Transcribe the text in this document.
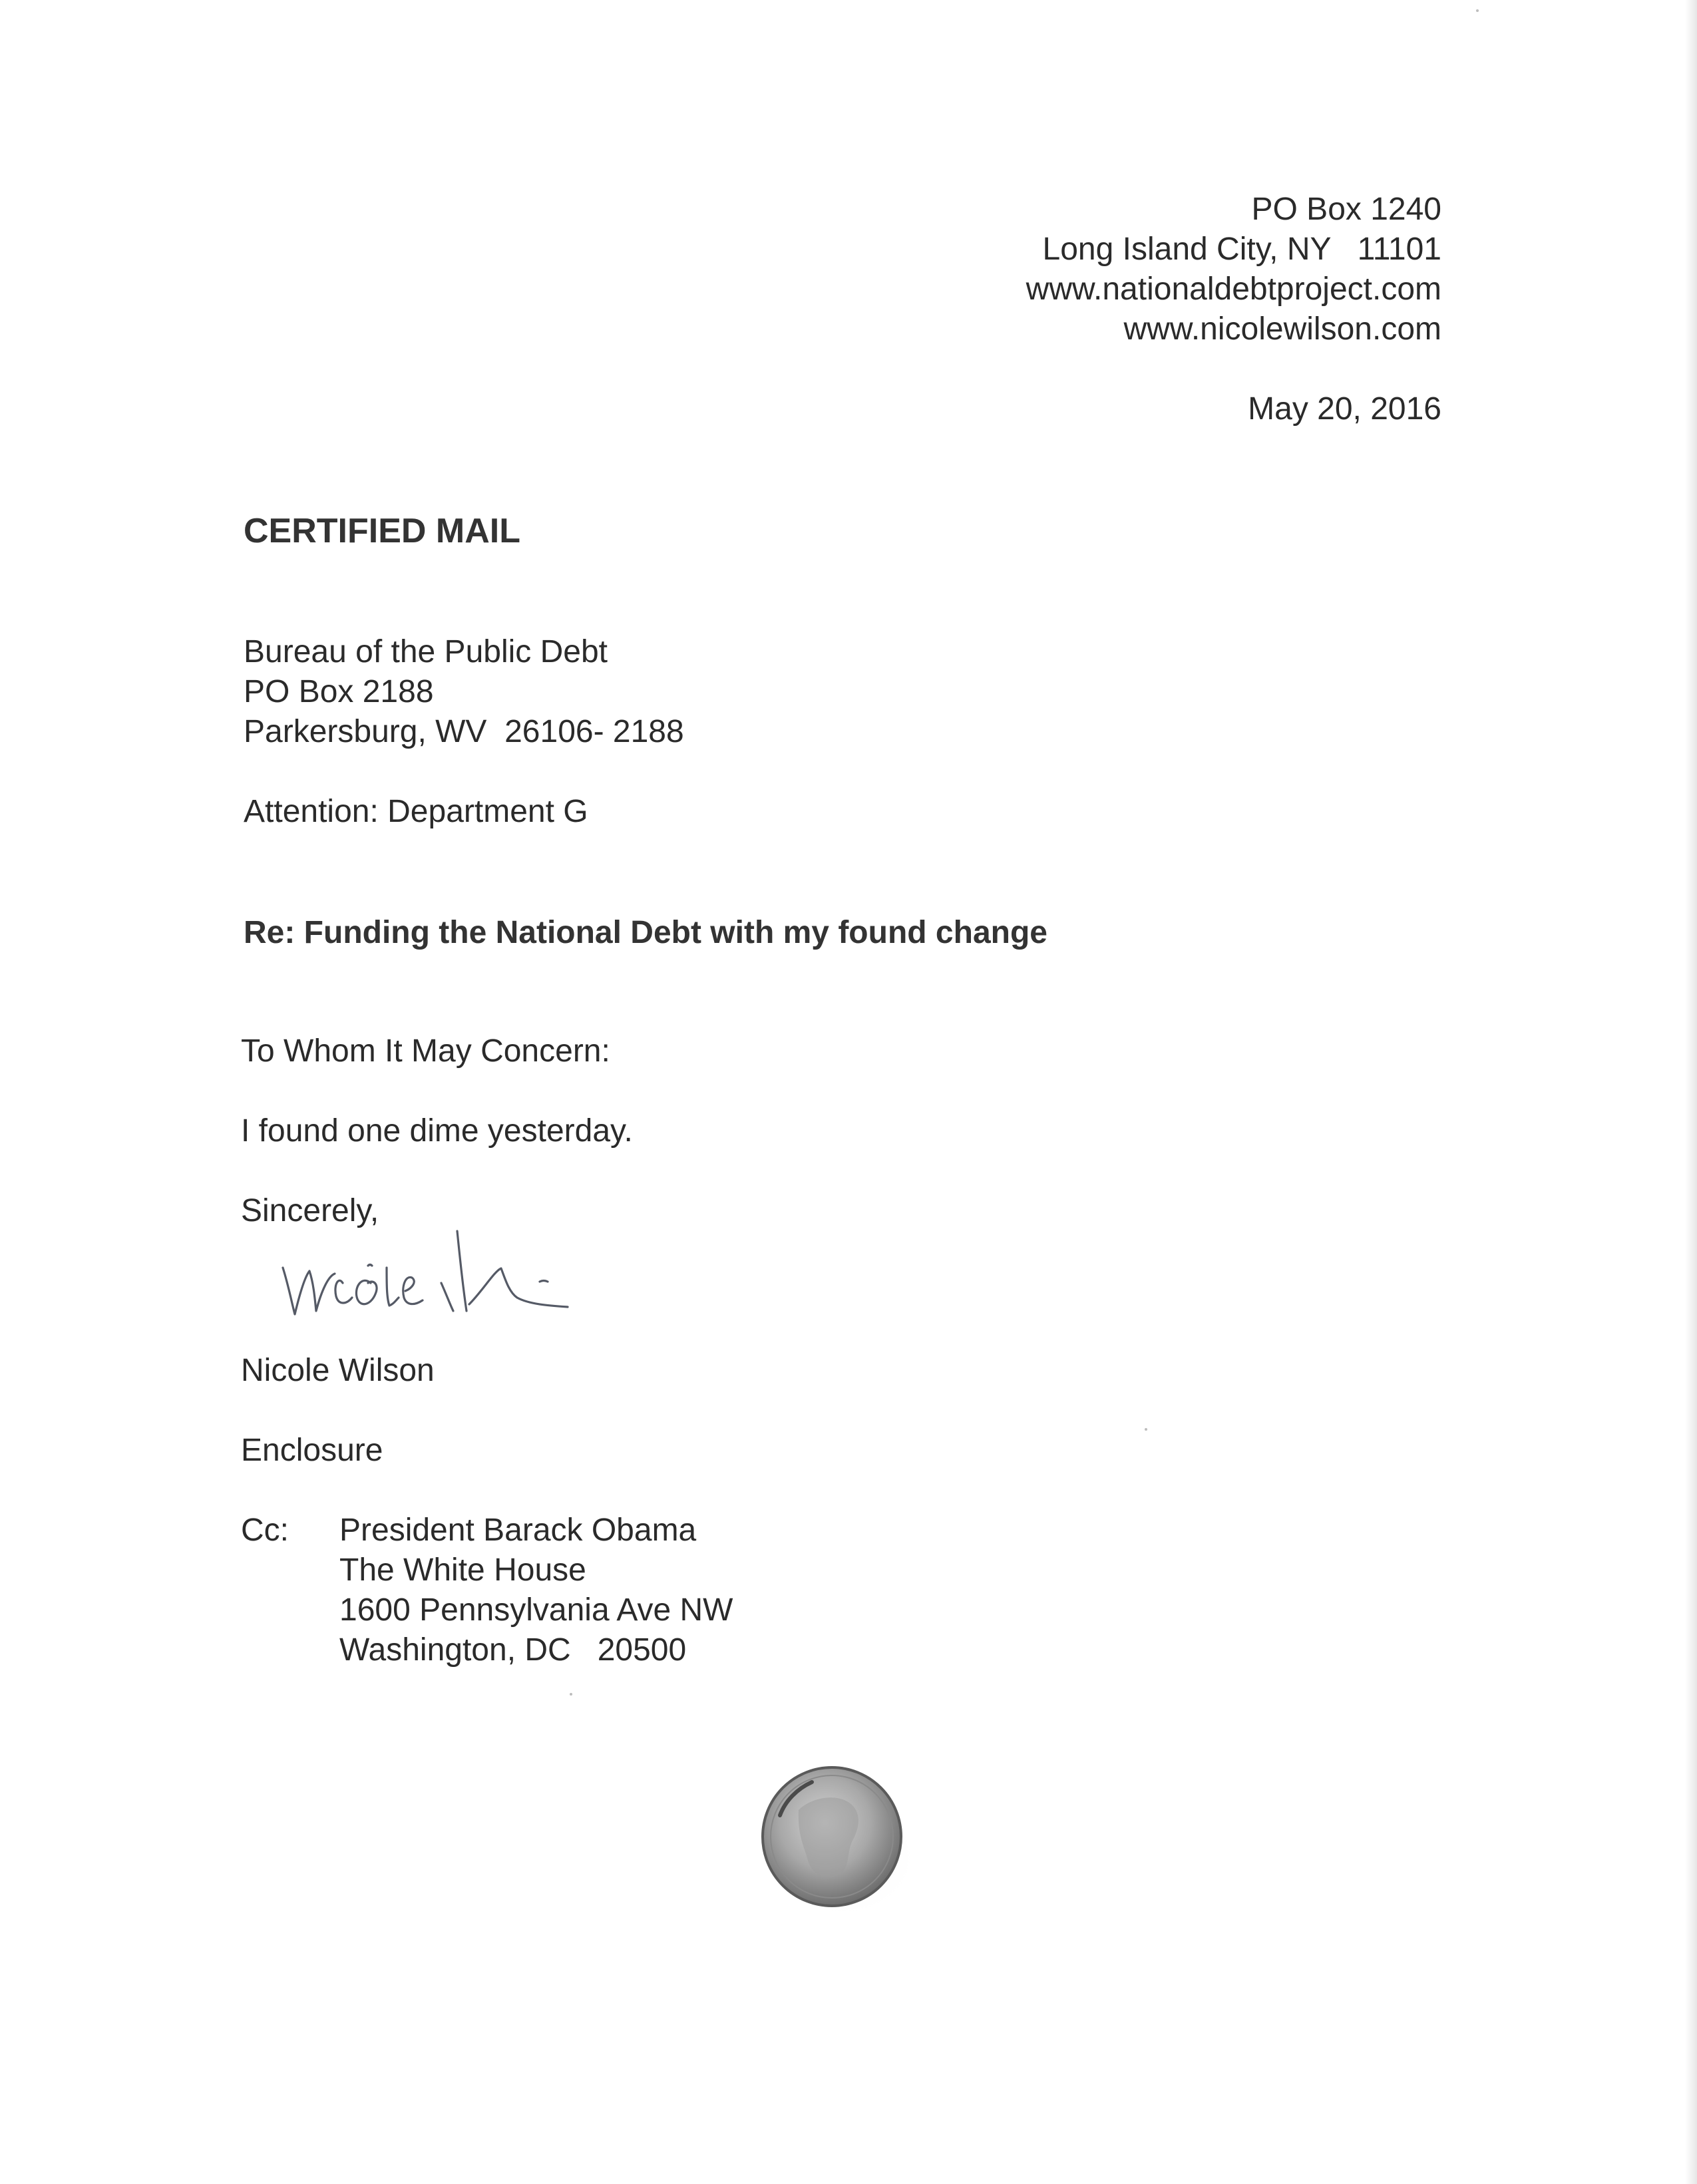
PO Box 1240
Long Island City, NY   11101
www.nationaldebtproject.com
www.nicolewilson.com
May 20, 2016
CERTIFIED MAIL
Bureau of the Public Debt
PO Box 2188
Parkersburg, WV  26106- 2188
Attention: Department G
Re: Funding the National Debt with my found change
To Whom It May Concern:
I found one dime yesterday.
Sincerely,
Nicole Wilson
Enclosure
Cc: President Barack Obama
The White House
1600 Pennsylvania Ave NW
Washington, DC   20500
